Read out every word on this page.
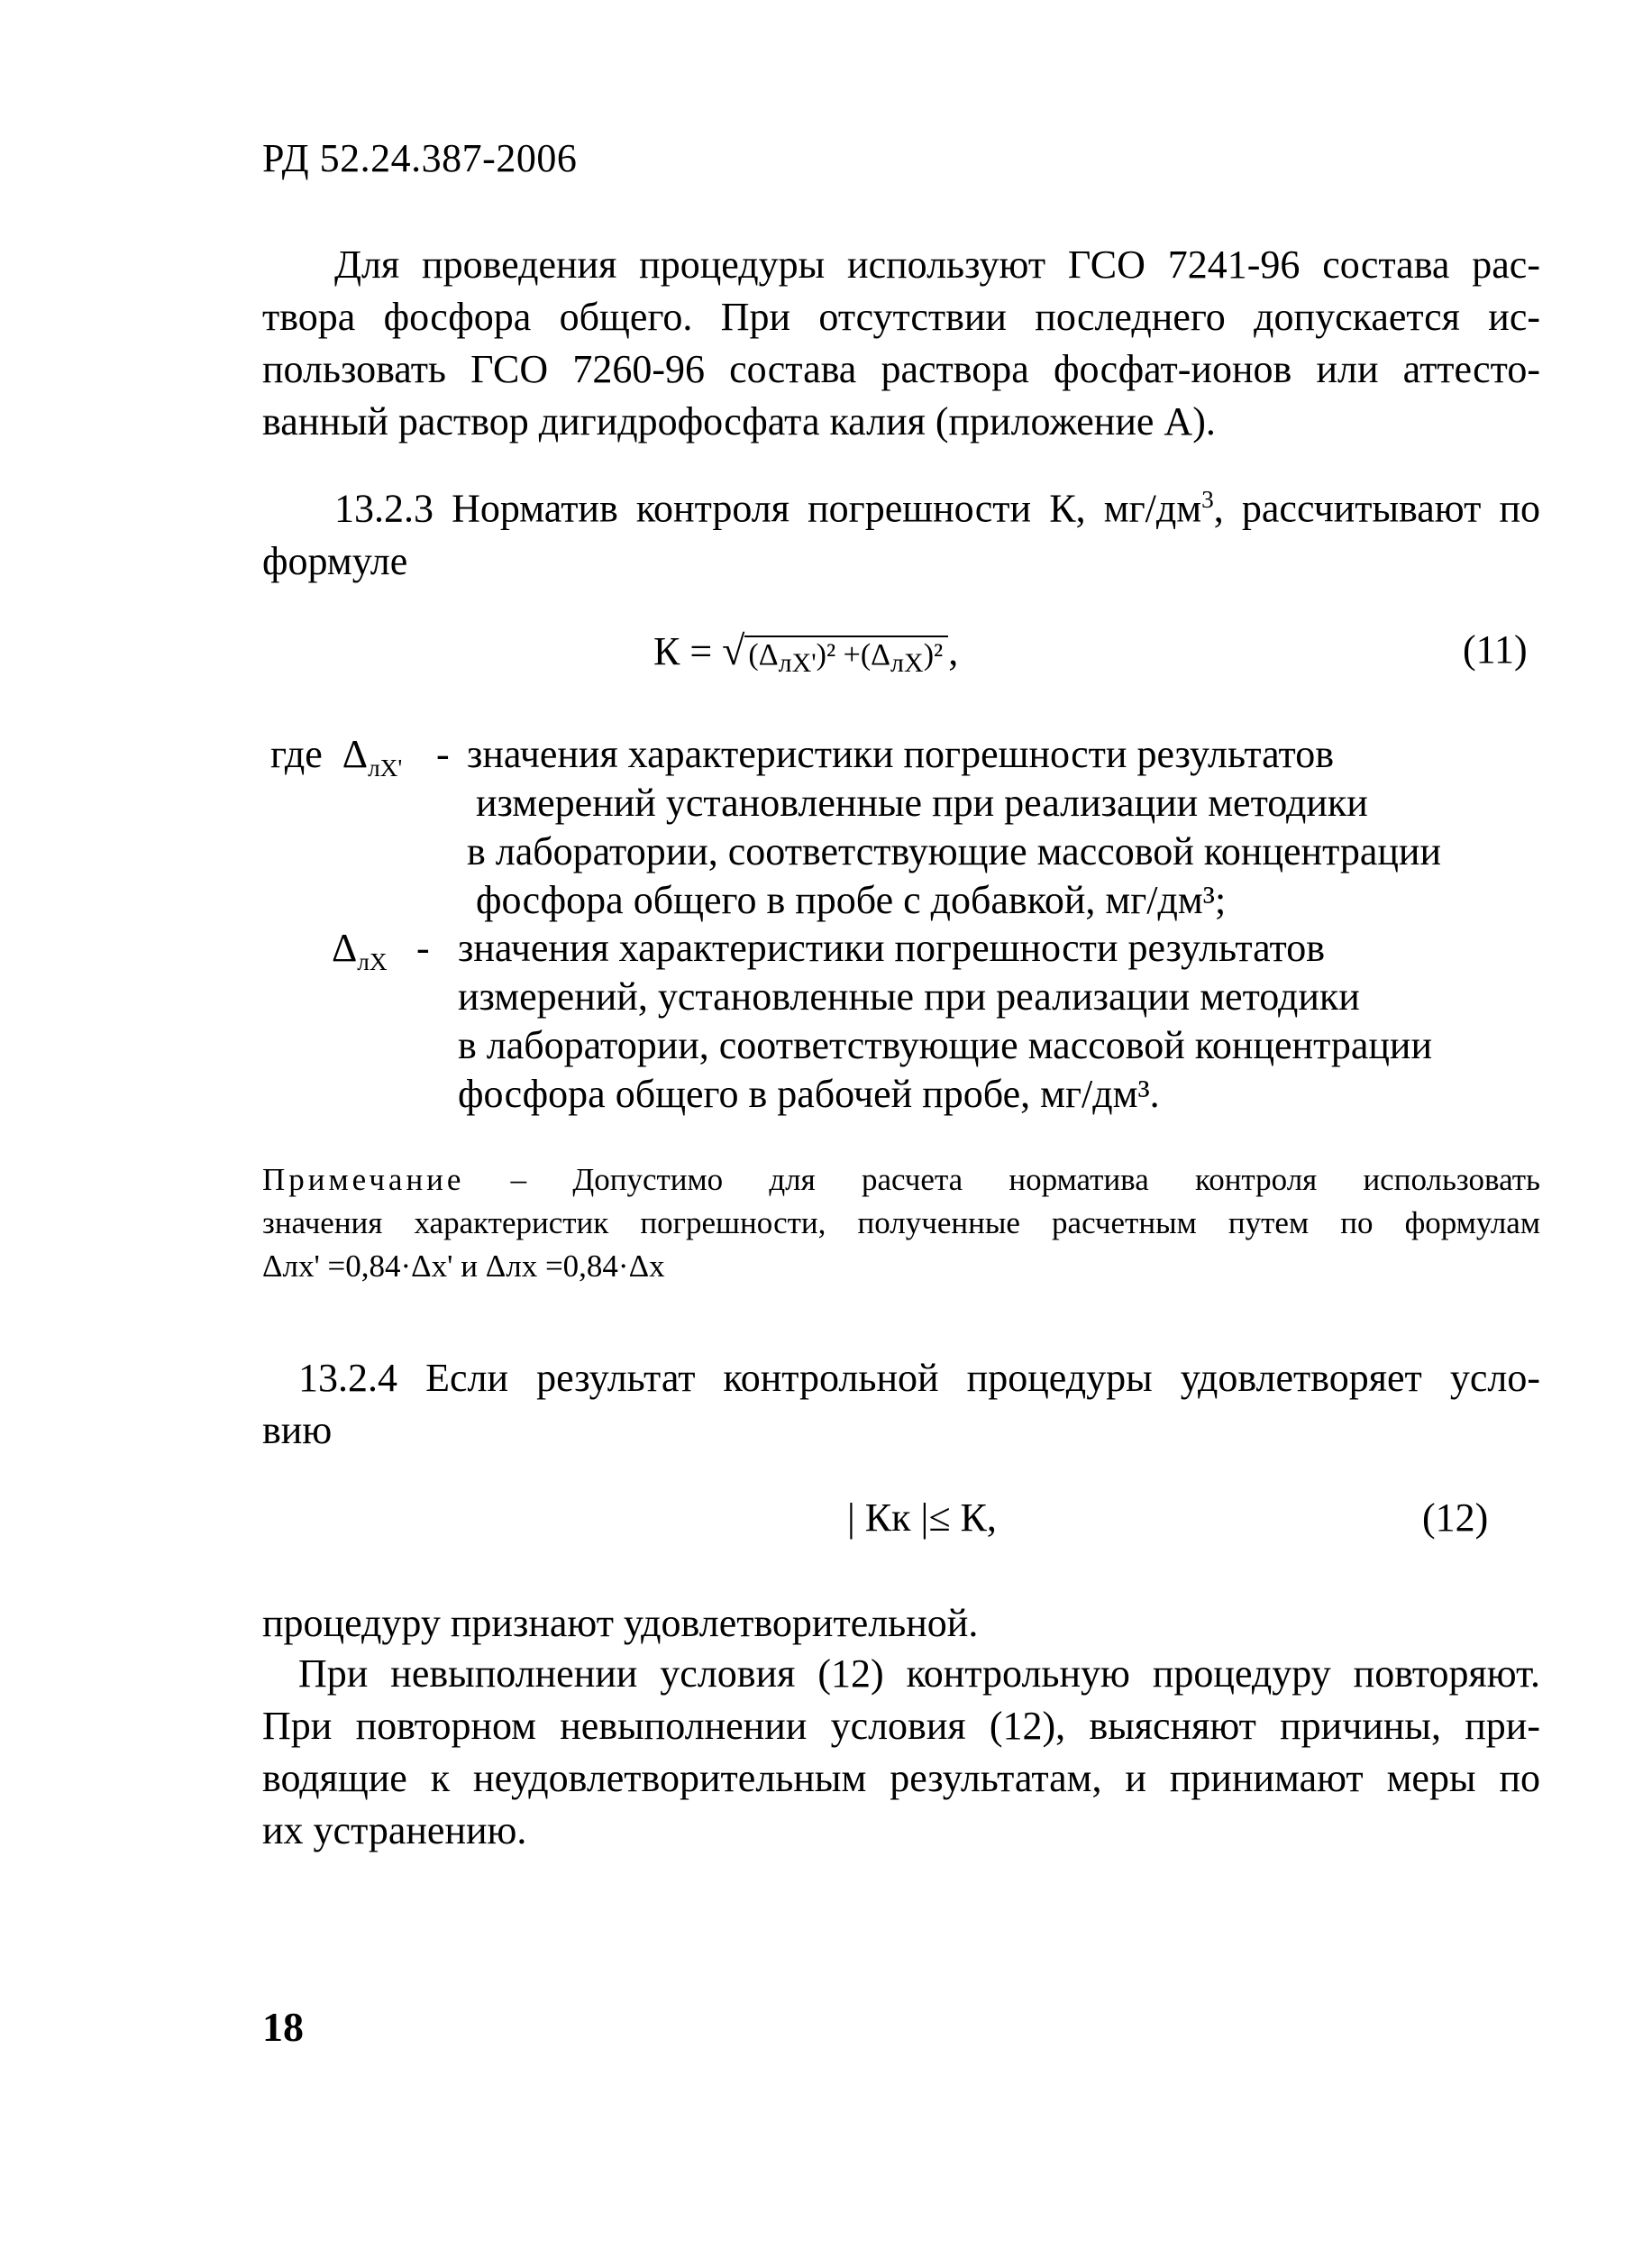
РД 52.24.387-2006
Для проведения процедуры используют ГСО 7241-96 состава рас-
твора фосфора общего. При отсутствии последнего допускается ис-
пользовать ГСО 7260-96 состава раствора фосфат-ионов или аттесто-
ванный раствор дигидрофосфата калия (приложение А).
13.2.3 Норматив контроля погрешности К, $мг/дм^3$, рассчитывают по
формуле
К = √ $(\Delta_{лX'})^2 +(\Delta_{лX})^2$ ,	(11)
где $\Delta_{лX'}$ - значения характеристики погрешности результатов
измерений установленные при реализации методики
в лаборатории, соответствующие массовой концентрации
фосфора общего в пробе с добавкой, мг/дм³;
$\Delta_{лX}$ - значения характеристики погрешности результатов
измерений, установленные при реализации методики
в лаборатории, соответствующие массовой концентрации
фосфора общего в рабочей пробе, мг/дм³.
Примечание – Допустимо для расчета норматива контроля использовать
значения характеристик погрешности, полученные расчетным путем по формулам
Δлx' =0,84·Δx' и Δлx =0,84·Δx
13.2.4 Если результат контрольной процедуры удовлетворяет усло-
вию
| Кк |≤ К,	(12)
процедуру признают удовлетворительной.
При невыполнении условия (12) контрольную процедуру повторяют.
При повторном невыполнении условия (12), выясняют причины, при-
водящие к неудовлетворительным результатам, и принимают меры по
их устранению.
18
